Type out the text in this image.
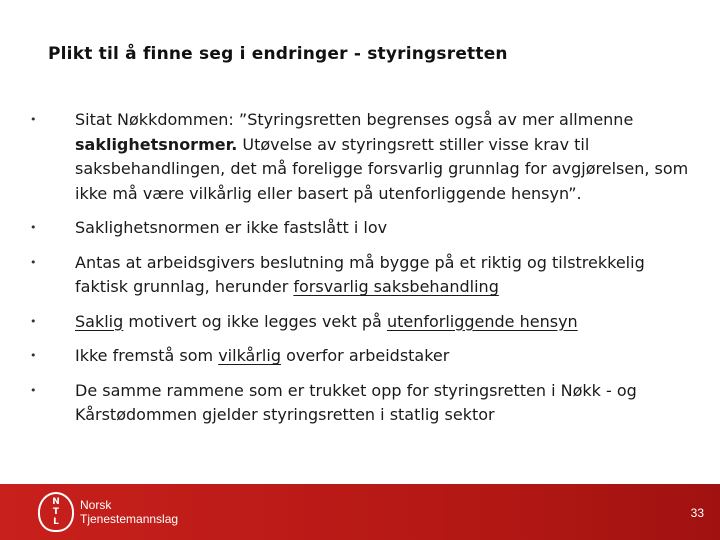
Plikt til å finne seg i endringer - styringsretten
• Sitat Nøkkdommen: ”Styringsretten begrenses også av mer allmenne saklighetsnormer. Utøvelse av styringsrett stiller visse krav til saksbehandlingen, det må foreligge forsvarlig grunnlag for avgjørelsen, som ikke må være vilkårlig eller basert på utenforliggende hensyn”.
• Saklighetsnormen er ikke fastslått i lov
• Antas at arbeidsgivers beslutning må bygge på et riktig og tilstrekkelig faktisk grunnlag, herunder forsvarlig saksbehandling
• Saklig motivert og ikke legges vekt på utenforliggende hensyn
• Ikke fremstå som vilkårlig overfor arbeidstaker
• De samme rammene som er trukket opp for styringsretten i Nøkk - og Kårstødommen gjelder styringsretten i statlig sektor
N
T
L
Norsk
Tjenestemannslag	33
